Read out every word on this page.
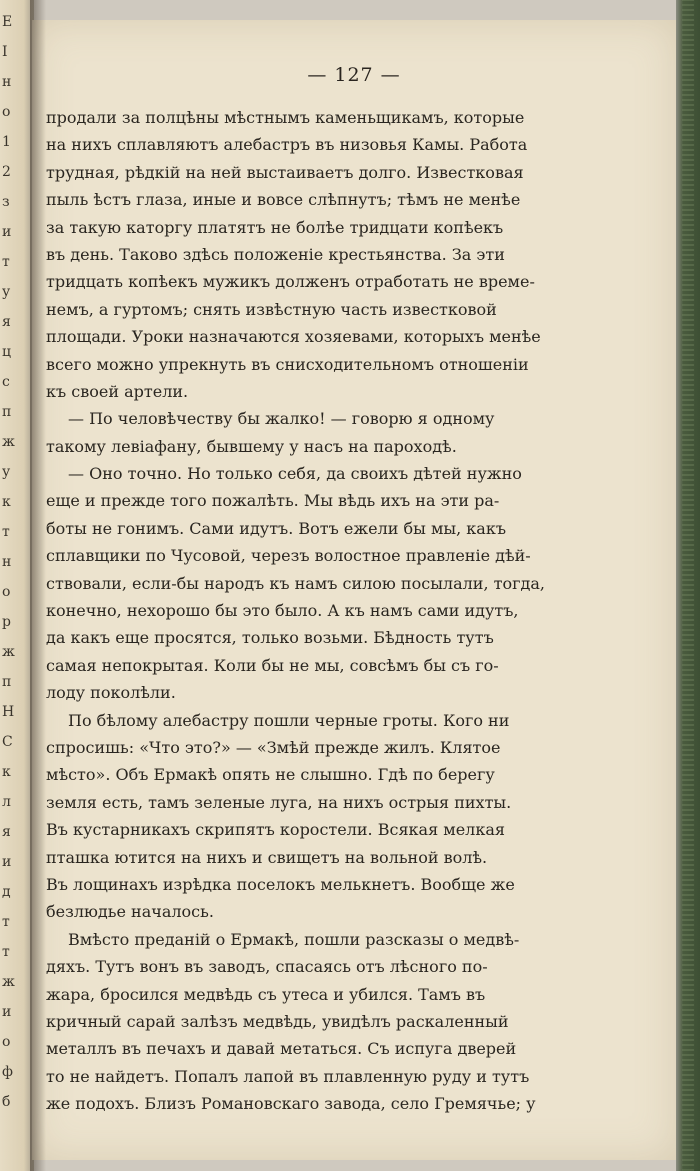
Е
I
н
о
1
2
з
и
т
у
я
ц
с
п
ж
у
к
т
н
о
р
ж
п
Н
С
к
л
я
и
д
т
т
ж
и
о
ф
б
— 127 —
продали за полцѣны мѣстнымъ каменьщикамъ, которые
на нихъ сплавляютъ алебастръ въ низовья Камы. Работа
трудная, рѣдкій на ней выстаиваетъ долго. Известковая
пыль ѣстъ глаза, иные и вовсе слѣпнутъ; тѣмъ не менѣе
за такую каторгу платятъ не болѣе тридцати копѣекъ
въ день. Таково здѣсь положеніе крестьянства. За эти
тридцать копѣекъ мужикъ долженъ отработать не време-
немъ, а гуртомъ; снять извѣстную часть известковой
площади. Уроки назначаются хозяевами, которыхъ менѣе
всего можно упрекнуть въ снисходительномъ отношеніи
къ своей артели.
— По человѣчеству бы жалко! — говорю я одному
такому левіафану, бывшему у насъ на пароходѣ.
— Оно точно. Но только себя, да своихъ дѣтей нужно
еще и прежде того пожалѣть. Мы вѣдь ихъ на эти ра-
боты не гонимъ. Сами идутъ. Вотъ ежели бы мы, какъ
сплавщики по Чусовой, черезъ волостное правленіе дѣй-
ствовали, если-бы народъ къ намъ силою посылали, тогда,
конечно, нехорошо бы это было. А къ намъ сами идутъ,
да какъ еще просятся, только возьми. Бѣдность тутъ
самая непокрытая. Коли бы не мы, совсѣмъ бы съ го-
лоду поколѣли.
По бѣлому алебастру пошли черные гроты. Кого ни
спросишь: «Что это?» — «Змѣй прежде жилъ. Клятое
мѣсто». Объ Ермакѣ опять не слышно. Гдѣ по берегу
земля есть, тамъ зеленые луга, на нихъ острыя пихты.
Въ кустарникахъ скрипятъ коростели. Всякая мелкая
пташка ютится на нихъ и свищетъ на вольной волѣ.
Въ лощинахъ изрѣдка поселокъ мелькнетъ. Вообще же
безлюдье началось.
Вмѣсто преданій о Ермакѣ, пошли разсказы о медвѣ-
дяхъ. Тутъ вонъ въ заводъ, спасаясь отъ лѣсного по-
жара, бросился медвѣдь съ утеса и убился. Тамъ въ
кричный сарай залѣзъ медвѣдь, увидѣлъ раскаленный
металлъ въ печахъ и давай метаться. Съ испуга дверей
то не найдетъ. Попалъ лапой въ плавленную руду и тутъ
же подохъ. Близъ Романовскаго завода, село Гремячье; у
